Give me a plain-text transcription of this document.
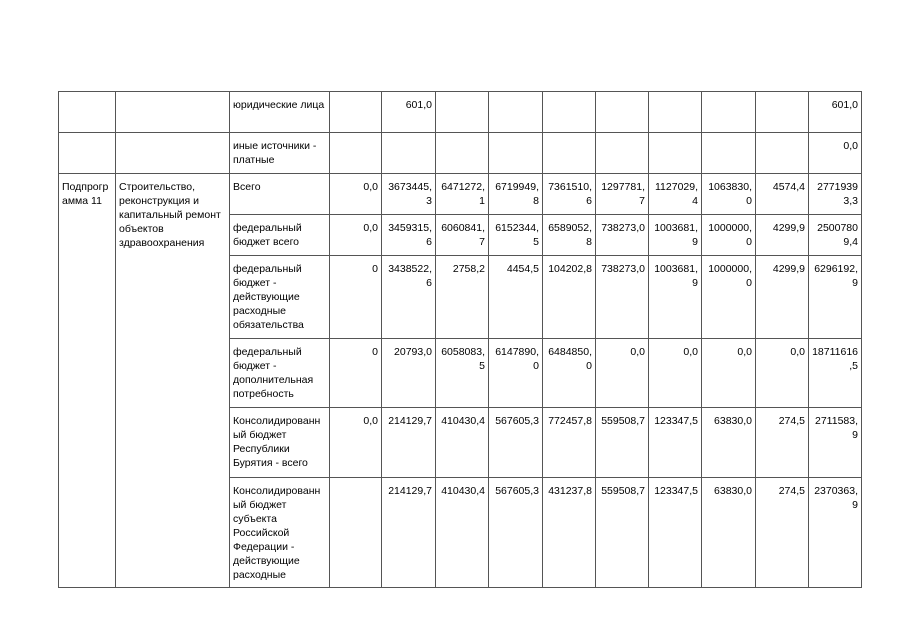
		юридические лица		601,0								601,0
		иные источники - платные										0,0
Подпрограмма 11	Строительство, реконструкция и капитальный ремонт объектов здравоохранения	Всего	0,0	3673445,3	6471272,1	6719949,8	7361510,6	1297781,7	1127029,4	1063830,0	4574,4	27719393,3
		федеральный бюджет всего	0,0	3459315,6	6060841,7	6152344,5	6589052,8	738273,0	1003681,9	1000000,0	4299,9	25007809,4
		федеральный бюджет - действующие расходные обязательства	0	3438522,6	2758,2	4454,5	104202,8	738273,0	1003681,9	1000000,0	4299,9	6296192,9
		федеральный бюджет - дополнительная потребность	0	20793,0	6058083,5	6147890,0	6484850,0	0,0	0,0	0,0	0,0	18711616,5
		Консолидированный бюджет Республики Бурятия - всего	0,0	214129,7	410430,4	567605,3	772457,8	559508,7	123347,5	63830,0	274,5	2711583,9
		Консолидированный бюджет субъекта Российской Федерации - действующие расходные		214129,7	410430,4	567605,3	431237,8	559508,7	123347,5	63830,0	274,5	2370363,9
